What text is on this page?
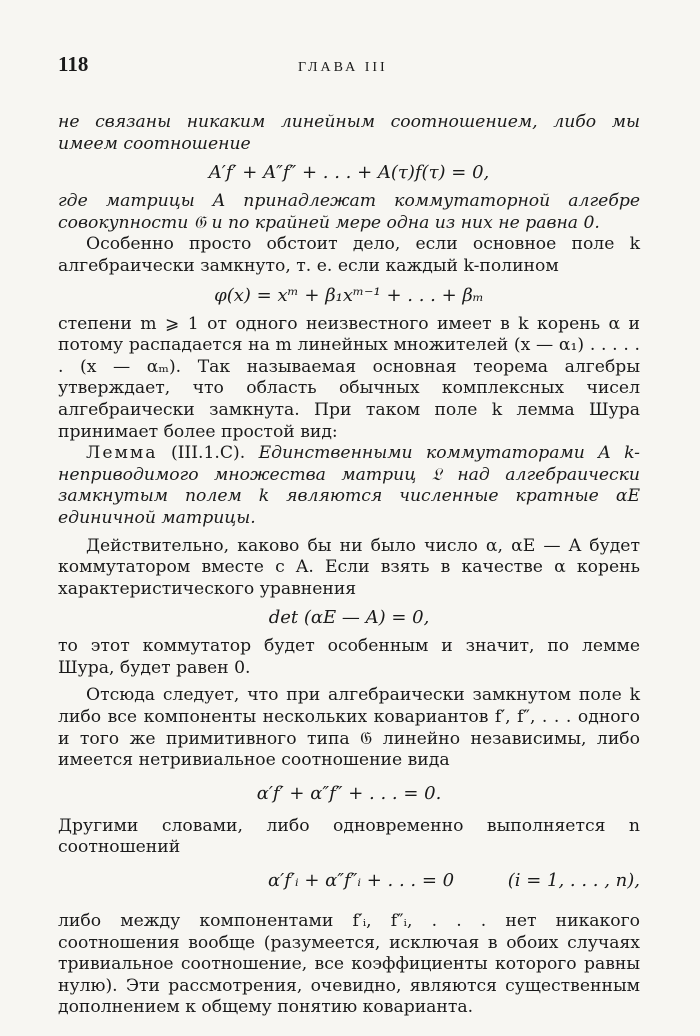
118	ГЛАВА III

не связаны никаким линейным соотношением, либо мы имеем соотношение

A′f′ + A″f″ + . . . + A(τ)f(τ) = 0,

где матрицы A принадлежат коммутаторной алгебре совокупности 𝔊 и по крайней мере одна из них не равна 0.

Особенно просто обстоит дело, если основное поле k алгебраически замкнуто, т. е. если каждый k-полином

φ(x) = xᵐ + β₁xᵐ⁻¹ + . . . + βₘ

степени m ⩾ 1 от одного неизвестного имеет в k корень α и потому распадается на m линейных множителей (x — α₁) . . . . . . (x — αₘ). Так называемая основная теорема алгебры утверждает, что область обычных комплексных чисел алгебраически замкнута. При таком поле k лемма Шура принимает более простой вид:

Лемма (III.1.C). Единственными коммутаторами A k-неприводимого множества матриц 𝔏 над алгебраически замкнутым полем k являются численные кратные αE единичной матрицы.

Действительно, каково бы ни было число α, αE — A будет коммутатором вместе с A. Если взять в качестве α корень характеристического уравнения

det (αE — A) = 0,

то этот коммутатор будет особенным и значит, по лемме Шура, будет равен 0.

Отсюда следует, что при алгебраически замкнутом поле k либо все компоненты нескольких ковариантов f′, f″, . . . одного и того же примитивного типа 𝔊 линейно независимы, либо имеется нетривиальное соотношение вида

α′f′ + α″f″ + . . . = 0.

Другими словами, либо одновременно выполняется n соотношений

α′f′ᵢ + α″f″ᵢ + . . . = 0	(i = 1, . . . , n),

либо между компонентами f′ᵢ, f″ᵢ, . . . нет никакого соотношения вообще (разумеется, исключая в обоих случаях тривиальное соотношение, все коэффициенты которого равны нулю). Эти рассмотрения, очевидно, являются существенным дополнением к общему понятию ковариантa.
